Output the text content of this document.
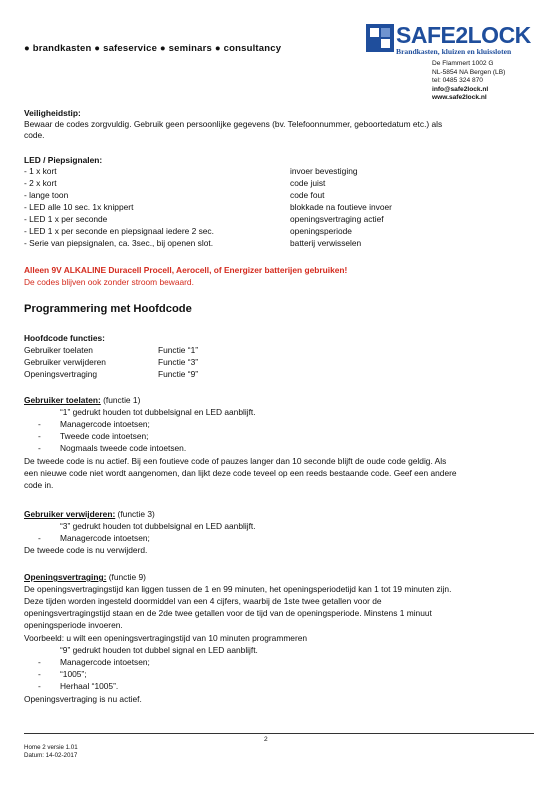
● brandkasten ● safeservice ● seminars ● consultancy
SAFE2LOCK
Brandkasten, kluizen en kluissloten
De Flammert 1002 G
NL-5854 NA Bergen (LB)
tel: 0485 324 870
info@safe2lock.nl
www.safe2lock.nl
Veiligheidstip:
Bewaar de codes zorgvuldig. Gebruik geen persoonlijke gegevens (bv. Telefoonnummer, geboortedatum etc.) als
code.
LED / Piepsignalen:
- 1 x kort	invoer bevestiging
- 2 x kort	code juist
- lange toon	code fout
- LED alle 10 sec. 1x knippert	blokkade na foutieve invoer
- LED 1 x per seconde	openingsvertraging actief
- LED 1 x per seconde en piepsignaal iedere 2 sec.	openingsperiode
- Serie van piepsignalen, ca. 3sec., bij openen slot.	batterij verwisselen
Alleen 9V ALKALINE Duracell Procell, Aerocell, of Energizer batterijen gebruiken!
De codes blijven ook zonder stroom bewaard.
Programmering met Hoofdcode
Hoofdcode functies:
Gebruiker toelaten	Functie “1”
Gebruiker verwijderen	Functie “3”
Openingsvertraging	Functie “9”
Gebruiker toelaten: (functie 1)
“1” gedrukt houden tot dubbelsignal en LED aanblijft.
- Managercode intoetsen;
- Tweede code intoetsen;
- Nogmaals tweede code intoetsen.
De tweede code is nu actief. Bij een foutieve code of pauzes langer dan 10 seconde blijft de oude code geldig. Als
een nieuwe code niet wordt aangenomen, dan lijkt deze code teveel op een reeds bestaande code. Geef een andere
code in.
Gebruiker verwijderen: (functie 3)
“3” gedrukt houden tot dubbelsignal en LED aanblijft.
- Managercode intoetsen;
De tweede code is nu verwijderd.
Openingsvertraging: (functie 9)
De openingsvertragingstijd kan liggen tussen de 1 en 99 minuten, het openingsperiodetijd kan 1 tot 19 minuten zijn.
Deze tijden worden ingesteld doormiddel van een 4 cijfers, waarbij de 1ste twee getallen voor de
openingsvertragingstijd staan en de 2de twee getallen voor de tijd van de openingsperiode. Minstens 1 minuut
openingsperiode invoeren.
Voorbeeld: u wilt een openingsvertragingstijd van 10 minuten programmeren
“9” gedrukt houden tot dubbel signal en LED aanblijft.
- Managercode intoetsen;
- “1005”;
- Herhaal “1005”.
Openingsvertraging is nu actief.
2
Home 2 versie 1.01
Datum: 14-02-2017
